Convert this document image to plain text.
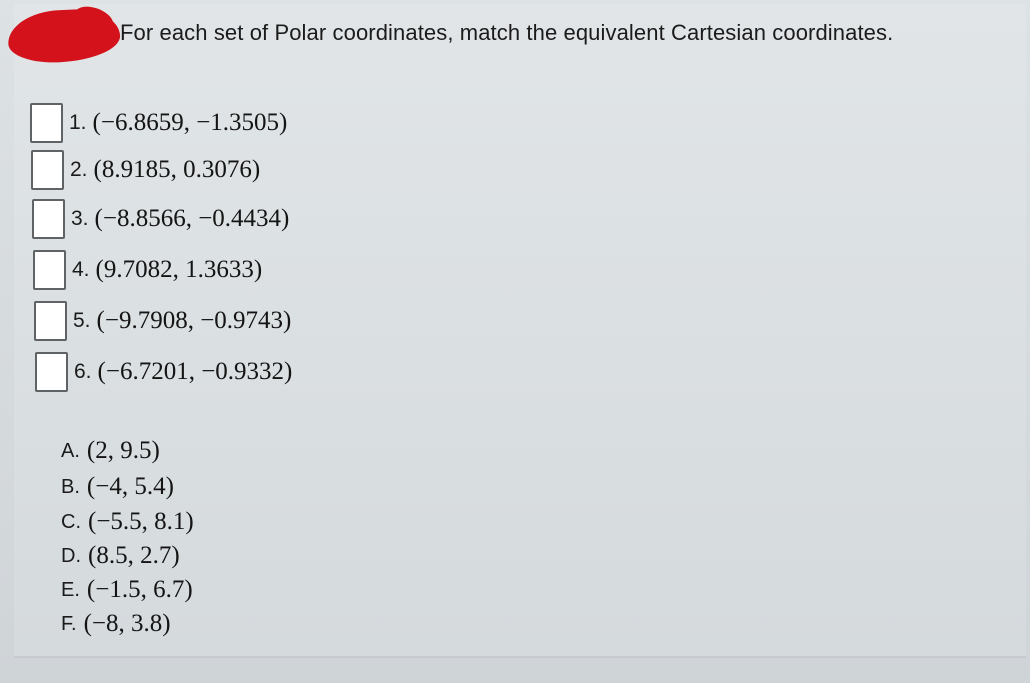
For each set of Polar coordinates, match the equivalent Cartesian coordinates.
1. (−6.8659, −1.3505)
2. (8.9185, 0.3076)
3. (−8.8566, −0.4434)
4. (9.7082, 1.3633)
5. (−9.7908, −0.9743)
6. (−6.7201, −0.9332)
A. (2, 9.5)
B. (−4, 5.4)
C. (−5.5, 8.1)
D. (8.5, 2.7)
E. (−1.5, 6.7)
F. (−8, 3.8)
